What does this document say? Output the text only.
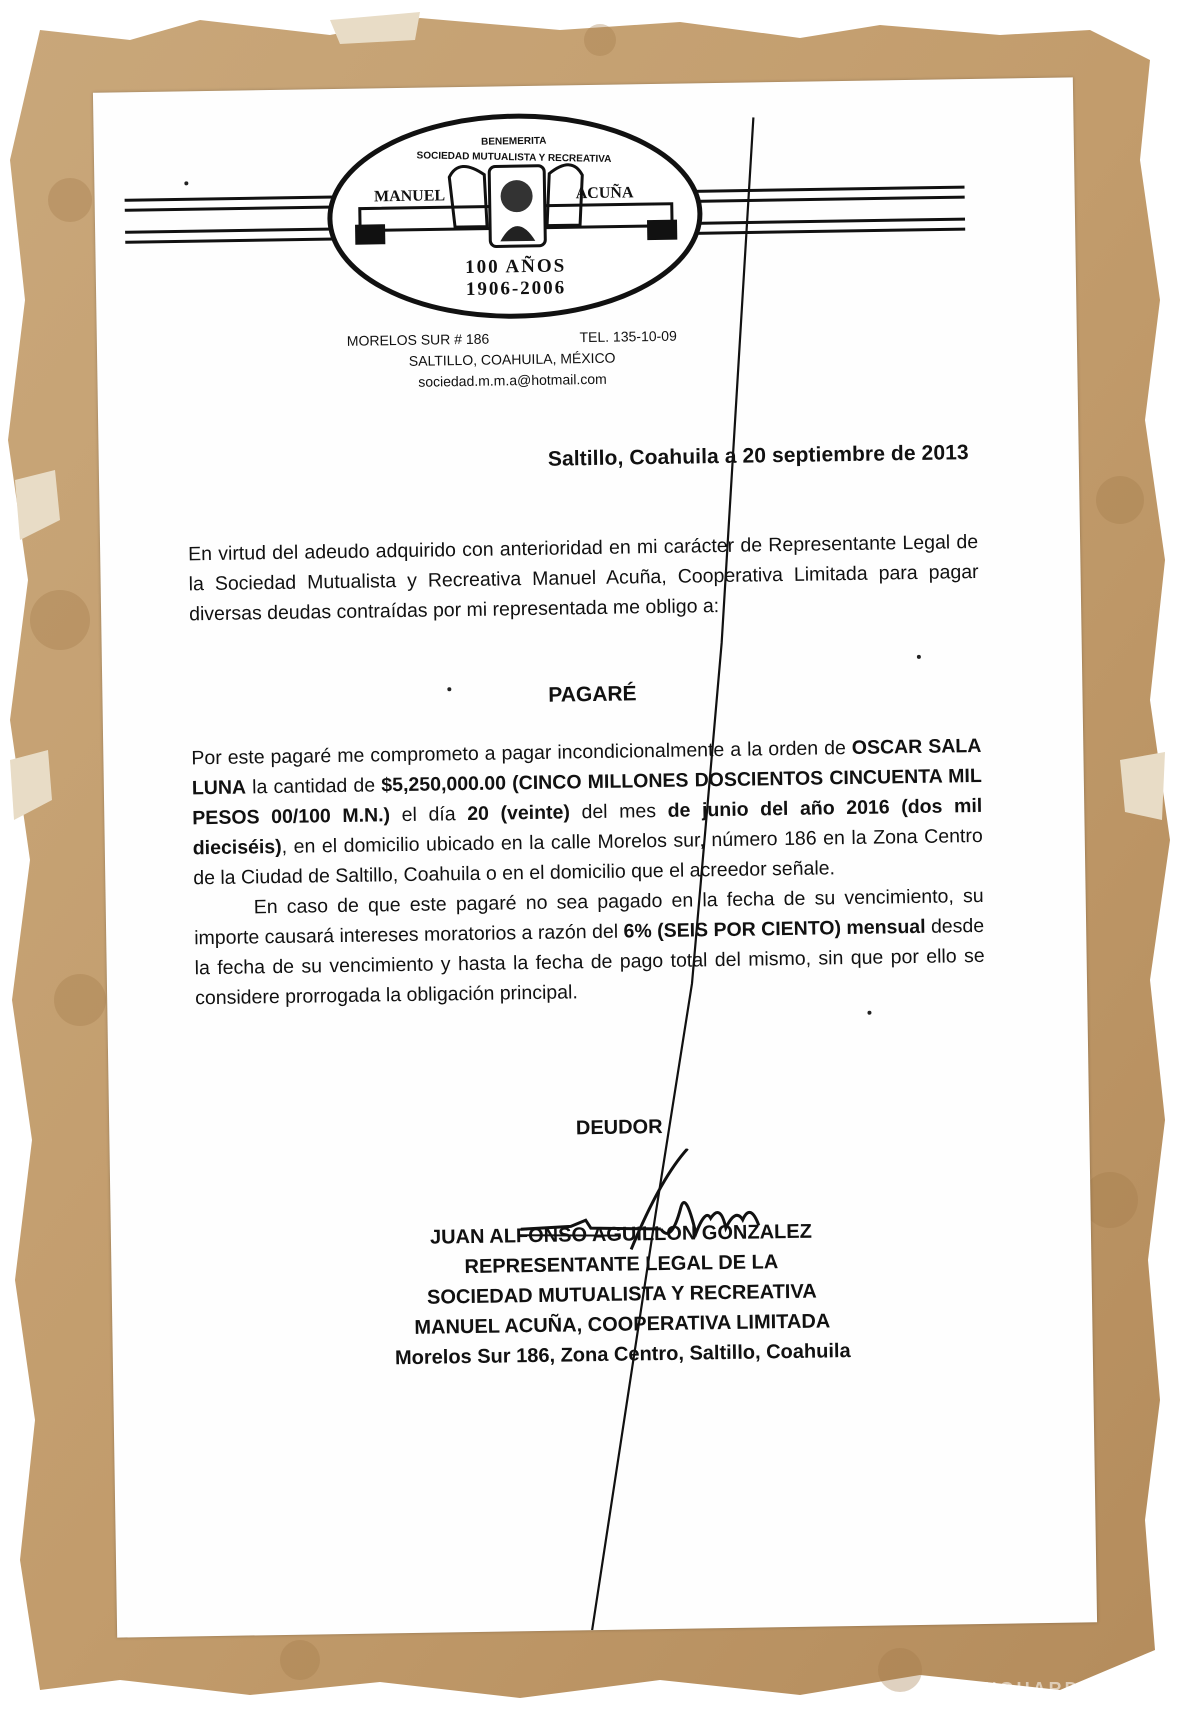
BENEMERITA
SOCIEDAD MUTUALISTA Y RECREATIVA
MANUEL	ACUÑA
100 AÑOS
1906-2006
MORELOS SUR # 186	TEL. 135-10-09
SALTILLO, COAHUILA, MÉXICO
sociedad.m.m.a@hotmail.com
Saltillo, Coahuila a 20 septiembre de 2013
En virtud del adeudo adquirido con anterioridad en mi carácter de Representante Legal de la Sociedad Mutualista y Recreativa Manuel Acuña, Cooperativa Limitada para pagar diversas deudas contraídas por mi representada me obligo a:
PAGARÉ
Por este pagaré me comprometo a pagar incondicionalmente a la orden de OSCAR SALA LUNA la cantidad de $5,250,000.00 (CINCO MILLONES DOSCIENTOS CINCUENTA MIL PESOS 00/100 M.N.) el día 20 (veinte) del mes de junio del año 2016 (dos mil dieciséis), en el domicilio ubicado en la calle Morelos sur, número 186 en la Zona Centro de la Ciudad de Saltillo, Coahuila o en el domicilio que el acreedor señale.
En caso de que este pagaré no sea pagado en la fecha de su vencimiento, su importe causará intereses moratorios a razón del 6% (SEIS POR CIENTO) mensual desde la fecha de su vencimiento y hasta la fecha de pago total del mismo, sin que por ello se considere prorrogada la obligación principal.
DEUDOR
JUAN ALFONSO AGUILLON GONZALEZ
REPRESENTANTE LEGAL DE LA
SOCIEDAD MUTUALISTA Y RECREATIVA
MANUEL ACUÑA, COOPERATIVA LIMITADA
Morelos Sur 186, Zona Centro, Saltillo, Coahuila
VANGUARDIA
